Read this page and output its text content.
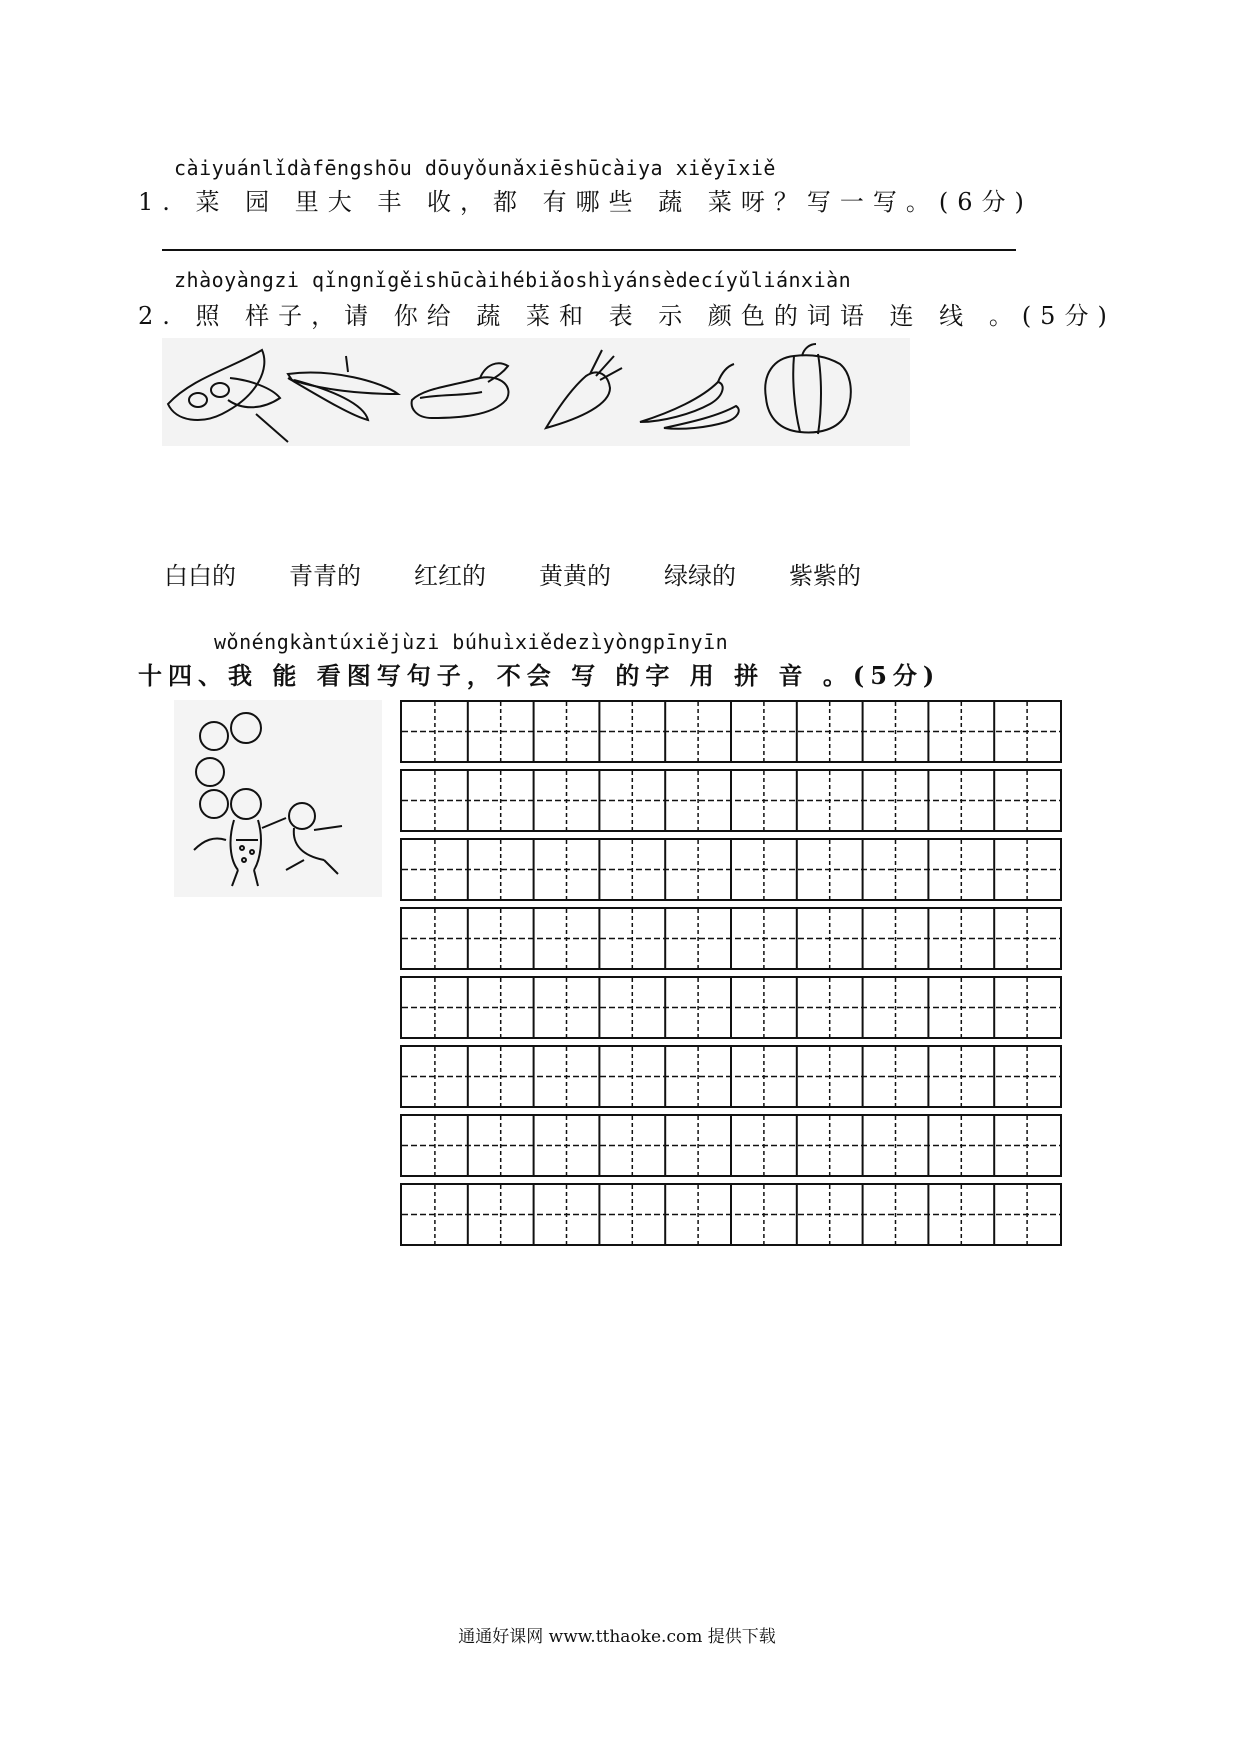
càiyuánlǐdàfēngshōu dōuyǒunǎxiēshūcàiya xiěyīxiě
1. 菜 园 里大 丰 收，都 有哪些 蔬 菜呀？写一写。(6分)
zhàoyàngzi qǐngnǐgěishūcàihébiǎoshìyánsèdecíyǔliánxiàn
2. 照 样子，请 你给 蔬 菜和 表 示 颜色的词语 连 线 。(5分)
白白的 青青的 红红的 黄黄的 绿绿的 紫紫的
wǒnéngkàntúxiějùzi búhuìxiědezìyòngpīnyīn
十四、我 能 看图写句子，不会 写 的字 用 拼 音 。(5分)
通通好课网 www.tthaoke.com 提供下载
